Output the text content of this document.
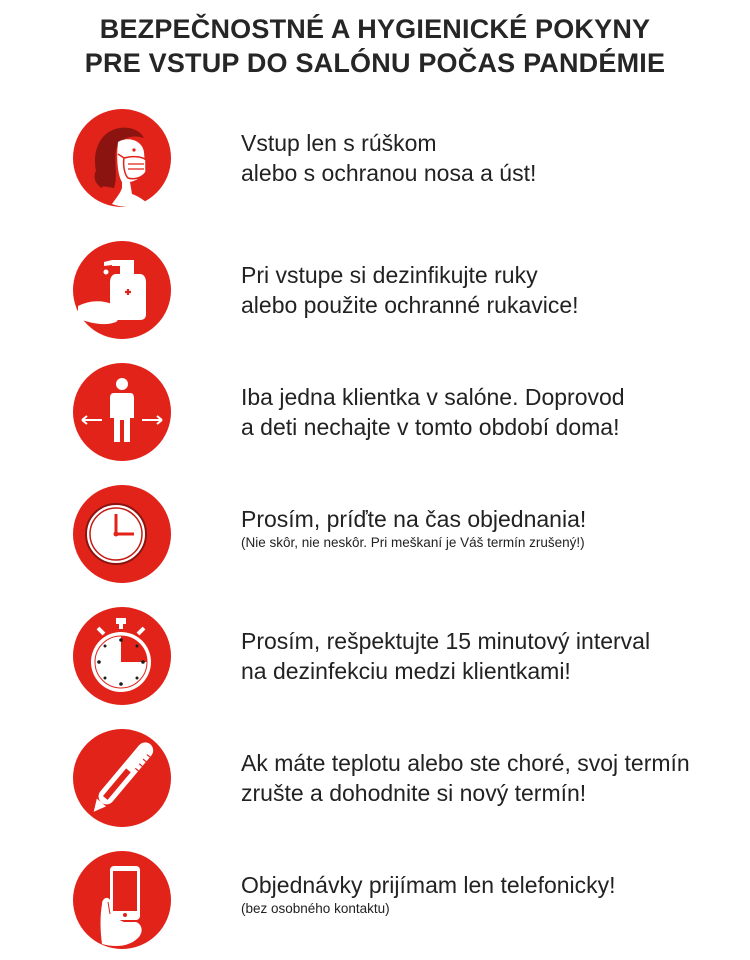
BEZPEČNOSTNÉ A HYGIENICKÉ POKYNY
PRE VSTUP DO SALÓNU POČAS PANDÉMIE
Vstup len s rúškom
alebo s ochranou nosa a úst!
Pri vstupe si dezinfikujte ruky
alebo použite ochranné rukavice!
Iba jedna klientka v salóne. Doprovod
a deti nechajte v tomto období doma!
Prosím, príďte na čas objednania!
(Nie skôr, nie neskôr. Pri meškaní je Váš termín zrušený!)
Prosím, rešpektujte 15 minutový interval
na dezinfekciu medzi klientkami!
Ak máte teplotu alebo ste choré, svoj termín
zrušte a dohodnite si nový termín!
Objednávky prijímam len telefonicky!
(bez osobného kontaktu)
